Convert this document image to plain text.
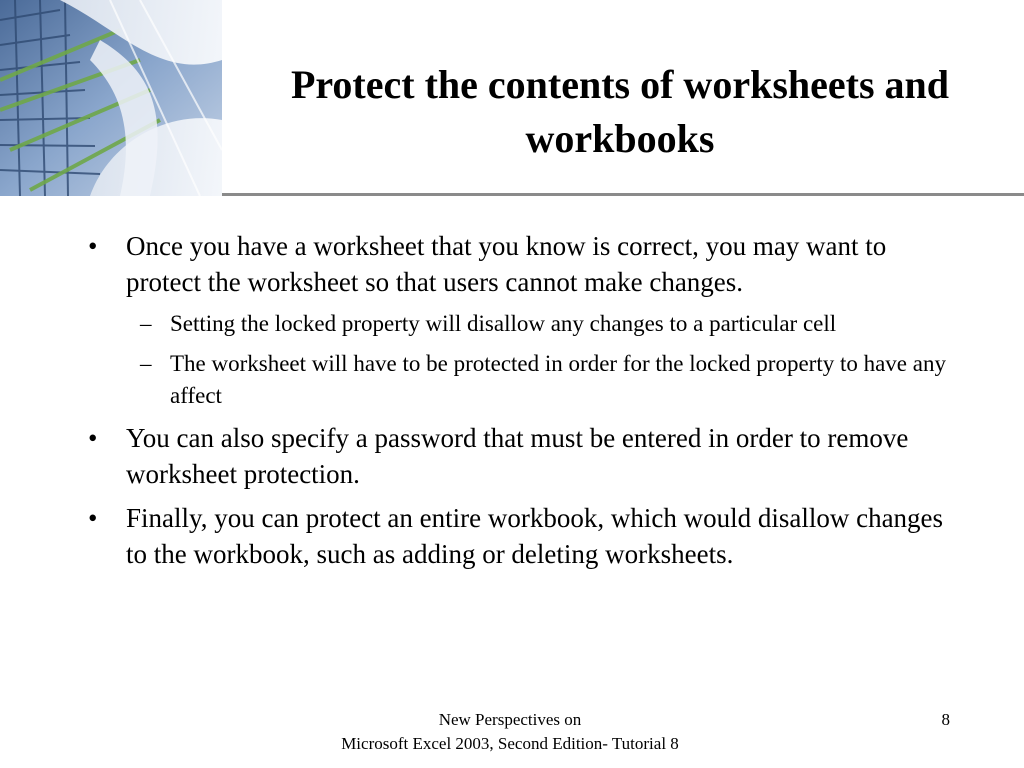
Protect the contents of worksheets and workbooks
• Once you have a worksheet that you know is correct, you may want to protect the worksheet so that users cannot make changes.
– Setting the locked property will disallow any changes to a particular cell
– The worksheet will have to be protected in order for the locked property to have any affect
• You can also specify a password that must be entered in order to remove worksheet protection.
• Finally, you can protect an entire workbook, which would disallow changes to the workbook, such as adding or deleting worksheets.
New Perspectives on
Microsoft Excel 2003, Second Edition- Tutorial 8
8
